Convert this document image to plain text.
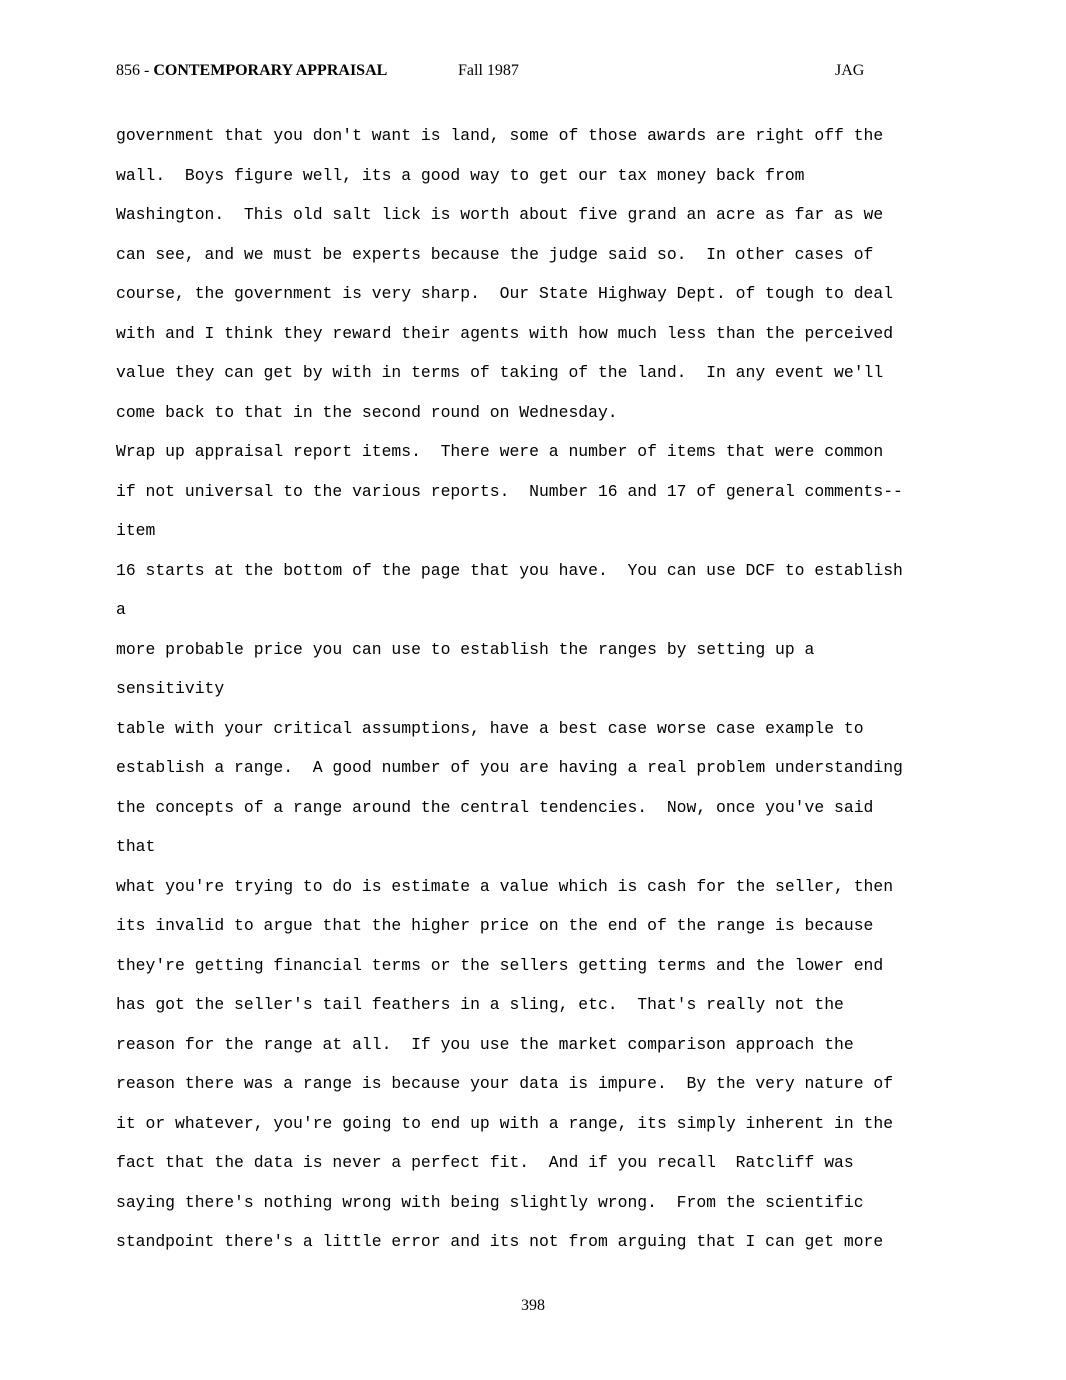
856 - CONTEMPORARY APPRAISAL	Fall 1987	JAG
government that you don't want is land, some of those awards are right off the
wall.  Boys figure well, its a good way to get our tax money back from
Washington.  This old salt lick is worth about five grand an acre as far as we
can see, and we must be experts because the judge said so.  In other cases of
course, the government is very sharp.  Our State Highway Dept. of tough to deal
with and I think they reward their agents with how much less than the perceived
value they can get by with in terms of taking of the land.  In any event we'll
come back to that in the second round on Wednesday.
Wrap up appraisal report items.  There were a number of items that were common
if not universal to the various reports.  Number 16 and 17 of general comments--
item
16 starts at the bottom of the page that you have.  You can use DCF to establish
a
more probable price you can use to establish the ranges by setting up a
sensitivity
table with your critical assumptions, have a best case worse case example to
establish a range.  A good number of you are having a real problem understanding
the concepts of a range around the central tendencies.  Now, once you've said
that
what you're trying to do is estimate a value which is cash for the seller, then
its invalid to argue that the higher price on the end of the range is because
they're getting financial terms or the sellers getting terms and the lower end
has got the seller's tail feathers in a sling, etc.  That's really not the
reason for the range at all.  If you use the market comparison approach the
reason there was a range is because your data is impure.  By the very nature of
it or whatever, you're going to end up with a range, its simply inherent in the
fact that the data is never a perfect fit.  And if you recall  Ratcliff was
saying there's nothing wrong with being slightly wrong.  From the scientific
standpoint there's a little error and its not from arguing that I can get more
398
